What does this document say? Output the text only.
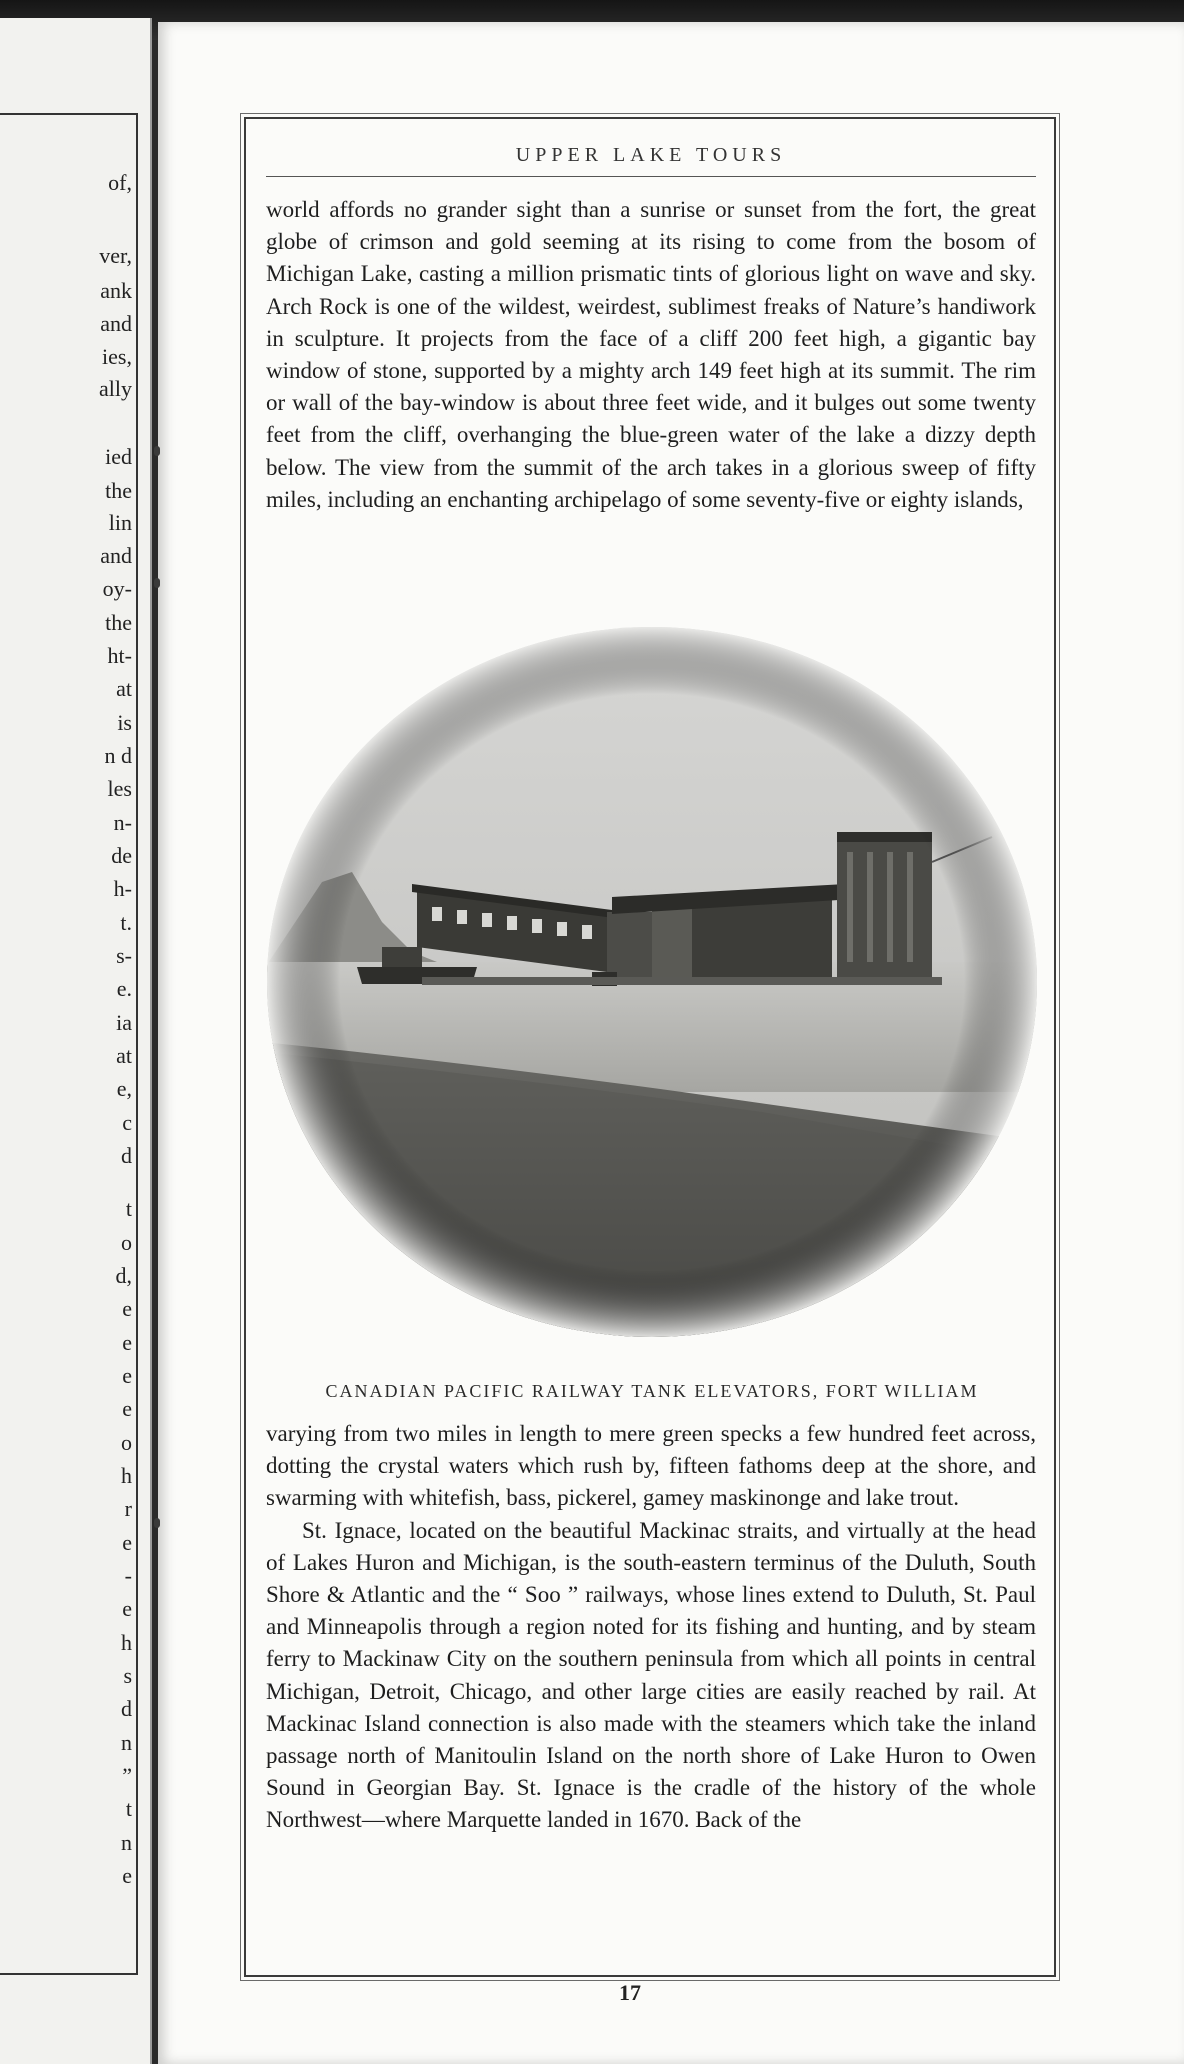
of,
ver,
ank
and
ies,
ally
ied
the
lin
and
oy-
the
ht-
at
is
n d
les
n-
de
h-
t.
s-
e.
ia
at
e,
c
d
t
o
d,
e
e
e
e
o
h
r
e
-
e
h
s
d
n
”
t
n
e
UPPER LAKE TOURS

world affords no grander sight than a sunrise or sunset from the fort, the great globe of crimson and gold seeming at its rising to come from the bosom of Michigan Lake, casting a million prismatic tints of glorious light on wave and sky. Arch Rock is one of the wildest, weirdest, sublimest freaks of Nature’s handiwork in sculpture. It projects from the face of a cliff 200 feet high, a gigantic bay window of stone, supported by a mighty arch 149 feet high at its summit. The rim or wall of the bay-window is about three feet wide, and it bulges out some twenty feet from the cliff, overhanging the blue-green water of the lake a dizzy depth below. The view from the summit of the arch takes in a glorious sweep of fifty miles, including an enchanting archipelago of some seventy-five or eighty islands,

CANADIAN PACIFIC RAILWAY TANK ELEVATORS, FORT WILLIAM

varying from two miles in length to mere green specks a few hundred feet across, dotting the crystal waters which rush by, fifteen fathoms deep at the shore, and swarming with whitefish, bass, pickerel, gamey maskinonge and lake trout.

St. Ignace, located on the beautiful Mackinac straits, and virtually at the head of Lakes Huron and Michigan, is the south-eastern terminus of the Duluth, South Shore & Atlantic and the “ Soo ” railways, whose lines extend to Duluth, St. Paul and Minneapolis through a region noted for its fishing and hunting, and by steam ferry to Mackinaw City on the southern peninsula from which all points in central Michigan, Detroit, Chicago, and other large cities are easily reached by rail. At Mackinac Island connection is also made with the steamers which take the inland passage north of Manitoulin Island on the north shore of Lake Huron to Owen Sound in Georgian Bay. St. Ignace is the cradle of the history of the whole Northwest—where Marquette landed in 1670. Back of the

17
